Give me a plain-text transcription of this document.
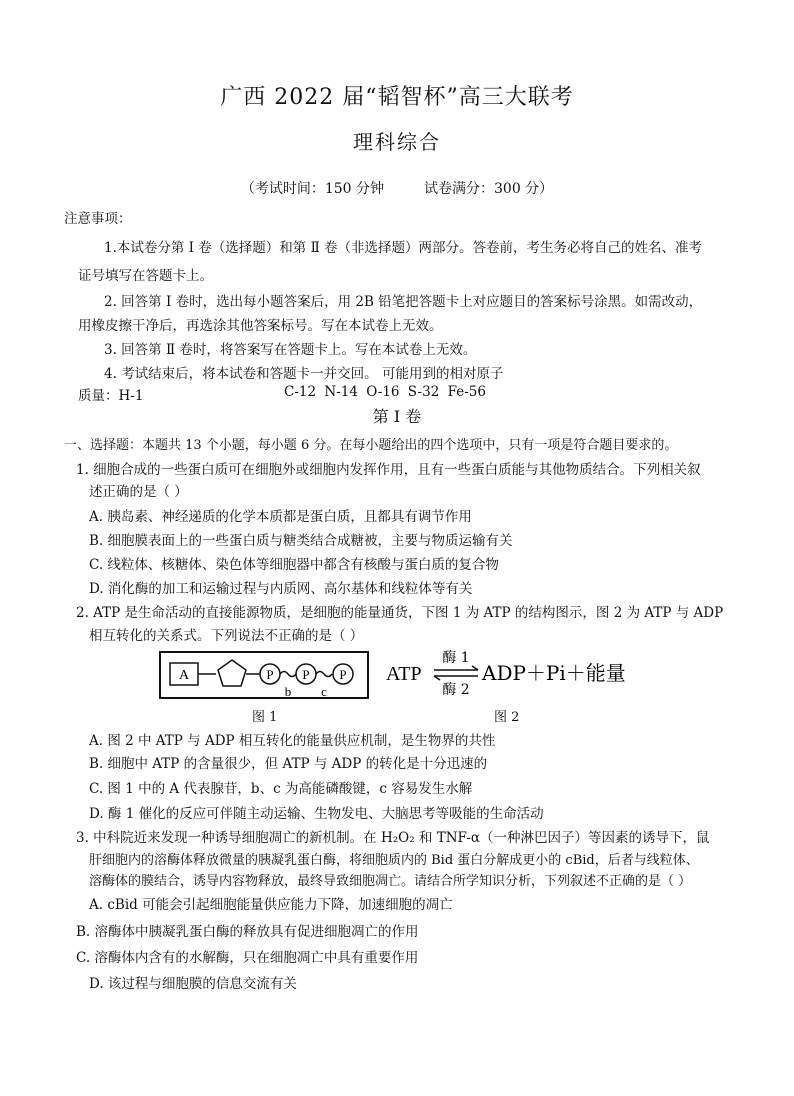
广西 2022 届“韬智杯”高三大联考
理科综合
（考试时间：150 分钟	试卷满分：300 分）
注意事项：
1.本试卷分第 Ⅰ 卷（选择题）和第 Ⅱ 卷（非选择题）两部分。答卷前，考生务必将自己的姓名、准考
证号填写在答题卡上。
2. 回答第 Ⅰ 卷时，选出每小题答案后，用 2B 铅笔把答题卡上对应题目的答案标号涂黑。如需改动，
用橡皮擦干净后，再选涂其他答案标号。写在本试卷上无效。
3. 回答第 Ⅱ 卷时，将答案写在答题卡上。写在本试卷上无效。
4. 考试结束后，将本试卷和答题卡一并交回。 可能用到的相对原子
质量：H-1	C-12 N-14 O-16 S-32 Fe-56
第 Ⅰ 卷
一、选择题：本题共 13 个小题，每小题 6 分。在每小题给出的四个选项中，只有一项是符合题目要求的。
1. 细胞合成的一些蛋白质可在细胞外或细胞内发挥作用，且有一些蛋白质能与其他物质结合。下列相关叙
述正确的是（ ）
A. 胰岛素、神经递质的化学本质都是蛋白质，且都具有调节作用
B. 细胞膜表面上的一些蛋白质与糖类结合成糖被，主要与物质运输有关
C. 线粒体、核糖体、染色体等细胞器中都含有核酸与蛋白质的复合物
D. 消化酶的加工和运输过程与内质网、高尔基体和线粒体等有关
2. ATP 是生命活动的直接能源物质，是细胞的能量通货，下图 1 为 ATP 的结构图示，图 2 为 ATP 与 ADP
相互转化的关系式。下列说法不正确的是（ ）
A	P
b
P
c
P
图 1
ATP
酶 1
酶 2
ADP＋Pi＋能量
图 2
A. 图 2 中 ATP 与 ADP 相互转化的能量供应机制，是生物界的共性
B. 细胞中 ATP 的含量很少，但 ATP 与 ADP 的转化是十分迅速的
C. 图 1 中的 A 代表腺苷，b、c 为高能磷酸键，c 容易发生水解
D. 酶 1 催化的反应可伴随主动运输、生物发电、大脑思考等吸能的生命活动
3. 中科院近来发现一种诱导细胞凋亡的新机制。在 H₂O₂ 和 TNF-α（一种淋巴因子）等因素的诱导下，鼠
肝细胞内的溶酶体释放微量的胰凝乳蛋白酶，将细胞质内的 Bid 蛋白分解成更小的 cBid，后者与线粒体、
溶酶体的膜结合，诱导内容物释放，最终导致细胞凋亡。请结合所学知识分析，下列叙述不正确的是（ ）
A. cBid 可能会引起细胞能量供应能力下降，加速细胞的凋亡
B. 溶酶体中胰凝乳蛋白酶的释放具有促进细胞凋亡的作用
C. 溶酶体内含有的水解酶，只在细胞凋亡中具有重要作用
D. 该过程与细胞膜的信息交流有关
